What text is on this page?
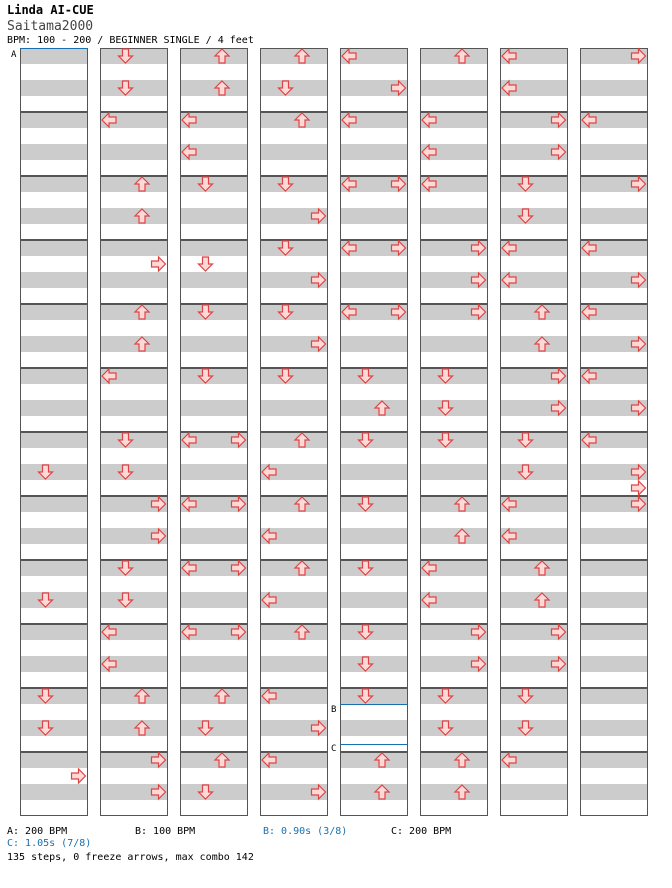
Linda AI-CUE
Saitama2000
BPM: 100 - 200 / BEGINNER SINGLE / 4 feet
A
B
C
A: 200 BPM	B: 100 BPM	B: 0.90s (3/8)	C: 200 BPM
C: 1.05s (7/8)
135 steps, 0 freeze arrows, max combo 142
